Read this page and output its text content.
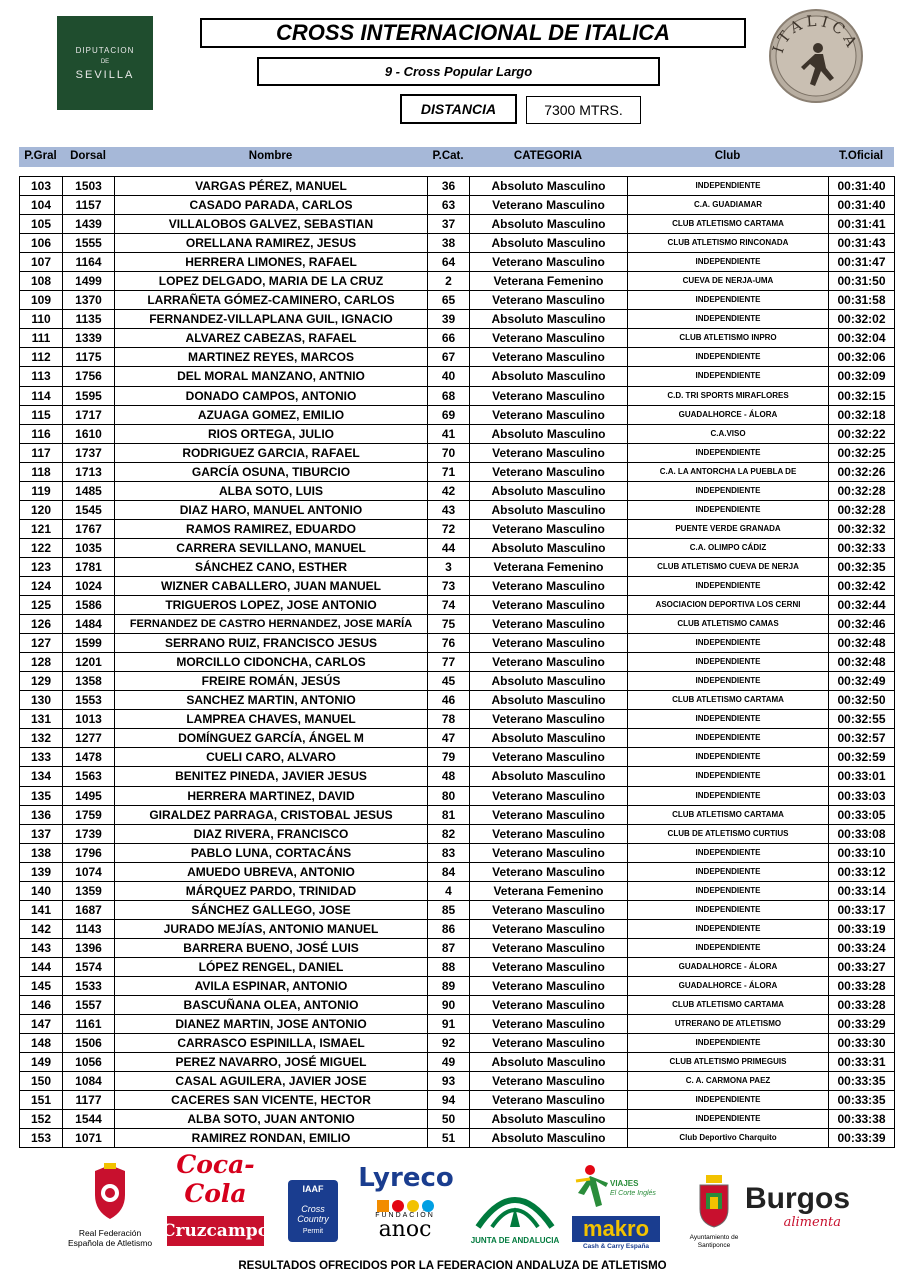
DIPUTACION
DE
SEVILLA
CROSS INTERNACIONAL DE ITALICA
9 - Cross Popular Largo
DISTANCIA	7300 MTRS.
ITALICA
P.Gral	Dorsal	Nombre	P.Cat.	CATEGORIA	Club	T.Oficial
103	1503	VARGAS PÉREZ, MANUEL	36	Absoluto Masculino	INDEPENDIENTE	00:31:40
104	1157	CASADO PARADA, CARLOS	63	Veterano Masculino	C.A. GUADIAMAR	00:31:40
105	1439	VILLALOBOS GALVEZ, SEBASTIAN	37	Absoluto Masculino	CLUB ATLETISMO CARTAMA	00:31:41
106	1555	ORELLANA RAMIREZ, JESUS	38	Absoluto Masculino	CLUB ATLETISMO RINCONADA	00:31:43
107	1164	HERRERA LIMONES, RAFAEL	64	Veterano Masculino	INDEPENDIENTE	00:31:47
108	1499	LOPEZ DELGADO, MARIA DE LA CRUZ	2	Veterana Femenino	CUEVA DE NERJA-UMA	00:31:50
109	1370	LARRAÑETA GÓMEZ-CAMINERO, CARLOS	65	Veterano Masculino	INDEPENDIENTE	00:31:58
110	1135	FERNANDEZ-VILLAPLANA GUIL, IGNACIO	39	Absoluto Masculino	INDEPENDIENTE	00:32:02
111	1339	ALVAREZ CABEZAS, RAFAEL	66	Veterano Masculino	CLUB ATLETISMO INPRO	00:32:04
112	1175	MARTINEZ REYES, MARCOS	67	Veterano Masculino	INDEPENDIENTE	00:32:06
113	1756	DEL MORAL MANZANO, ANTNIO	40	Absoluto Masculino	INDEPENDIENTE	00:32:09
114	1595	DONADO CAMPOS, ANTONIO	68	Veterano Masculino	C.D. TRI SPORTS MIRAFLORES	00:32:15
115	1717	AZUAGA GOMEZ, EMILIO	69	Veterano Masculino	GUADALHORCE - ÁLORA	00:32:18
116	1610	RIOS ORTEGA, JULIO	41	Absoluto Masculino	C.A.VISO	00:32:22
117	1737	RODRIGUEZ GARCIA, RAFAEL	70	Veterano Masculino	INDEPENDIENTE	00:32:25
118	1713	GARCÍA OSUNA, TIBURCIO	71	Veterano Masculino	C.A. LA ANTORCHA LA PUEBLA DE	00:32:26
119	1485	ALBA SOTO, LUIS	42	Absoluto Masculino	INDEPENDIENTE	00:32:28
120	1545	DIAZ HARO, MANUEL ANTONIO	43	Absoluto Masculino	INDEPENDIENTE	00:32:28
121	1767	RAMOS RAMIREZ, EDUARDO	72	Veterano Masculino	PUENTE VERDE GRANADA	00:32:32
122	1035	CARRERA SEVILLANO, MANUEL	44	Absoluto Masculino	C.A. OLIMPO CÁDIZ	00:32:33
123	1781	SÁNCHEZ CANO, ESTHER	3	Veterana Femenino	CLUB ATLETISMO CUEVA DE NERJA	00:32:35
124	1024	WIZNER CABALLERO, JUAN MANUEL	73	Veterano Masculino	INDEPENDIENTE	00:32:42
125	1586	TRIGUEROS LOPEZ, JOSE ANTONIO	74	Veterano Masculino	ASOCIACION DEPORTIVA LOS CERNI	00:32:44
126	1484	FERNANDEZ DE CASTRO HERNANDEZ, JOSE MARÍA	75	Veterano Masculino	CLUB ATLETISMO CAMAS	00:32:46
127	1599	SERRANO RUIZ, FRANCISCO JESUS	76	Veterano Masculino	INDEPENDIENTE	00:32:48
128	1201	MORCILLO CIDONCHA, CARLOS	77	Veterano Masculino	INDEPENDIENTE	00:32:48
129	1358	FREIRE ROMÁN, JESÚS	45	Absoluto Masculino	INDEPENDIENTE	00:32:49
130	1553	SANCHEZ MARTIN, ANTONIO	46	Absoluto Masculino	CLUB ATLETISMO CARTAMA	00:32:50
131	1013	LAMPREA CHAVES, MANUEL	78	Veterano Masculino	INDEPENDIENTE	00:32:55
132	1277	DOMÍNGUEZ GARCÍA, ÁNGEL M	47	Absoluto Masculino	INDEPENDIENTE	00:32:57
133	1478	CUELI CARO, ALVARO	79	Veterano Masculino	INDEPENDIENTE	00:32:59
134	1563	BENITEZ PINEDA, JAVIER JESUS	48	Absoluto Masculino	INDEPENDIENTE	00:33:01
135	1495	HERRERA MARTINEZ, DAVID	80	Veterano Masculino	INDEPENDIENTE	00:33:03
136	1759	GIRALDEZ PARRAGA, CRISTOBAL JESUS	81	Veterano Masculino	CLUB ATLETISMO CARTAMA	00:33:05
137	1739	DIAZ RIVERA, FRANCISCO	82	Veterano Masculino	CLUB DE ATLETISMO CURTIUS	00:33:08
138	1796	PABLO LUNA, CORTACÁNS	83	Veterano Masculino	INDEPENDIENTE	00:33:10
139	1074	AMUEDO UBREVA, ANTONIO	84	Veterano Masculino	INDEPENDIENTE	00:33:12
140	1359	MÁRQUEZ PARDO, TRINIDAD	4	Veterana Femenino	INDEPENDIENTE	00:33:14
141	1687	SÁNCHEZ GALLEGO, JOSE	85	Veterano Masculino	INDEPENDIENTE	00:33:17
142	1143	JURADO MEJÍAS, ANTONIO MANUEL	86	Veterano Masculino	INDEPENDIENTE	00:33:19
143	1396	BARRERA BUENO, JOSÉ LUIS	87	Veterano Masculino	INDEPENDIENTE	00:33:24
144	1574	LÓPEZ RENGEL, DANIEL	88	Veterano Masculino	GUADALHORCE - ÁLORA	00:33:27
145	1533	AVILA ESPINAR, ANTONIO	89	Veterano Masculino	GUADALHORCE - ÁLORA	00:33:28
146	1557	BASCUÑANA OLEA, ANTONIO	90	Veterano Masculino	CLUB ATLETISMO CARTAMA	00:33:28
147	1161	DIANEZ MARTIN, JOSE ANTONIO	91	Veterano Masculino	UTRERANO DE ATLETISMO	00:33:29
148	1506	CARRASCO ESPINILLA, ISMAEL	92	Veterano Masculino	INDEPENDIENTE	00:33:30
149	1056	PEREZ NAVARRO, JOSÉ MIGUEL	49	Absoluto Masculino	CLUB ATLETISMO PRIMEGUIS	00:33:31
150	1084	CASAL AGUILERA, JAVIER JOSE	93	Veterano Masculino	C. A. CARMONA PAEZ	00:33:35
151	1177	CACERES SAN VICENTE, HECTOR	94	Veterano Masculino	INDEPENDIENTE	00:33:35
152	1544	ALBA SOTO, JUAN ANTONIO	50	Absoluto Masculino	INDEPENDIENTE	00:33:38
153	1071	RAMIREZ RONDAN, EMILIO	51	Absoluto Masculino	Club Deportivo Charquito	00:33:39
Real Federación
Española de Atletismo
Coca-Cola
Cruzcampo
IAAF
Cross Country
Permit
Lyreco
FUNDACIÓN
anoc	JUNTA DE ANDALUCIA
VIAJES
El Corte Inglés
makro
Cash & Carry España
Ayuntamiento de
Santiponce
Burgos
alimenta
RESULTADOS OFRECIDOS POR LA FEDERACION ANDALUZA DE ATLETISMO
